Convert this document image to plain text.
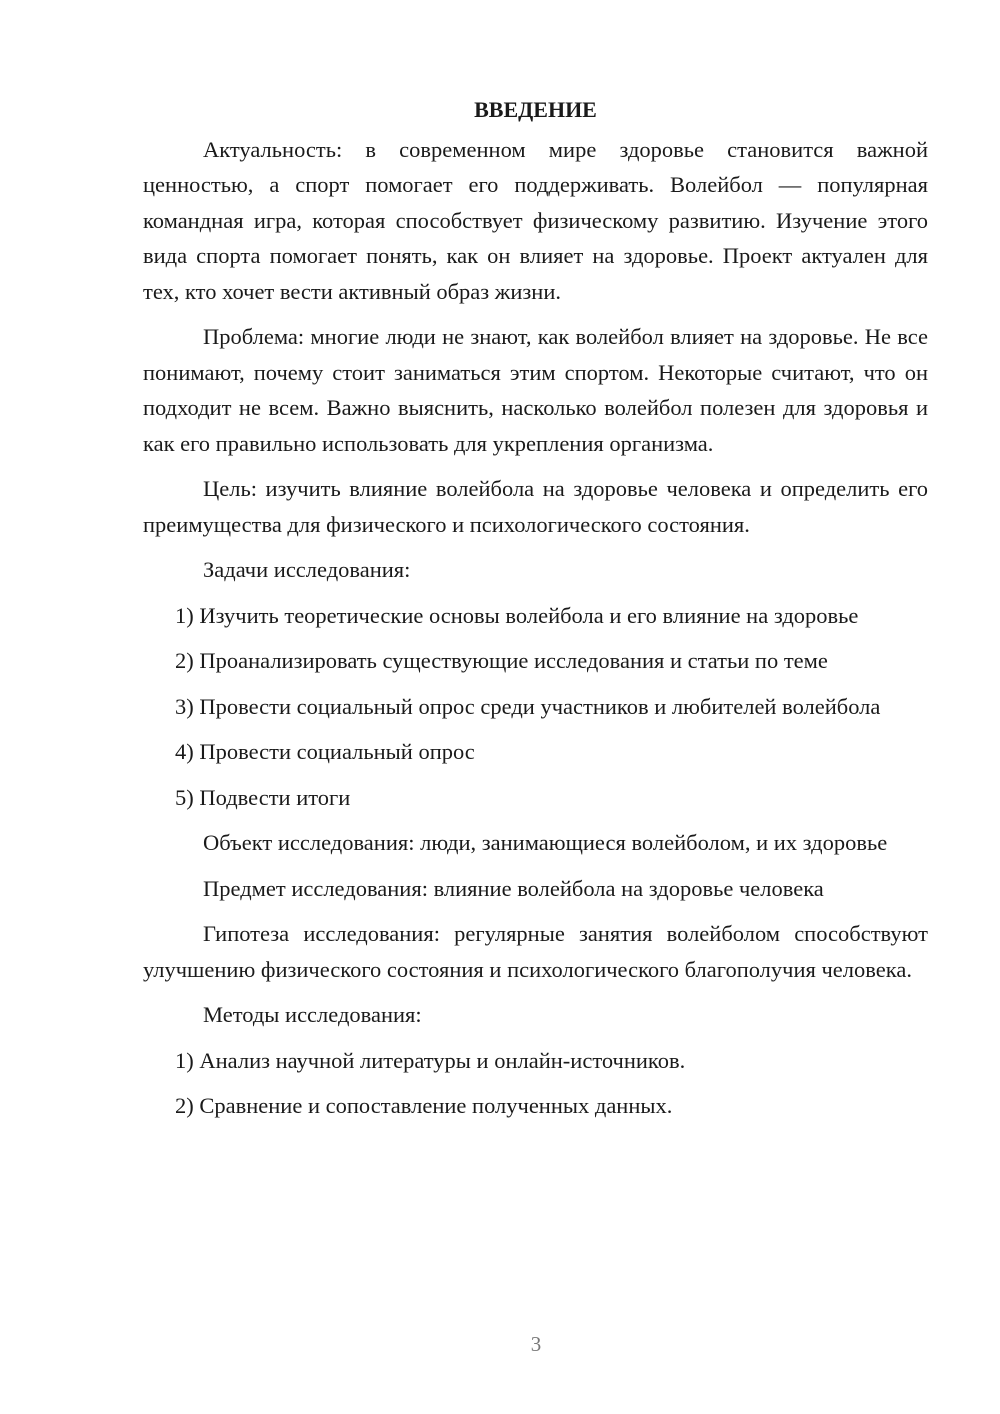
ВВЕДЕНИЕ

Актуальность: в современном мире здоровье становится важной ценностью, а спорт помогает его поддерживать. Волейбол — популярная командная игра, которая способствует физическому развитию. Изучение этого вида спорта помогает понять, как он влияет на здоровье. Проект актуален для тех, кто хочет вести активный образ жизни.

Проблема: многие люди не знают, как волейбол влияет на здоровье. Не все понимают, почему стоит заниматься этим спортом. Некоторые считают, что он подходит не всем. Важно выяснить, насколько волейбол полезен для здоровья и как его правильно использовать для укрепления организма.

Цель: изучить влияние волейбола на здоровье человека и определить его преимущества для физического и психологического состояния.

Задачи исследования:

1) Изучить теоретические основы волейбола и его влияние на здоровье

2) Проанализировать существующие исследования и статьи по теме

3) Провести социальный опрос среди участников и любителей волейбола

4) Провести социальный опрос

5) Подвести итоги

Объект исследования: люди, занимающиеся волейболом, и их здоровье

Предмет исследования: влияние волейбола на здоровье человека

Гипотеза исследования: регулярные занятия волейболом способствуют улучшению физического состояния и психологического благополучия человека.

Методы исследования:

1) Анализ научной литературы и онлайн-источников.

2) Сравнение и сопоставление полученных данных.

3
